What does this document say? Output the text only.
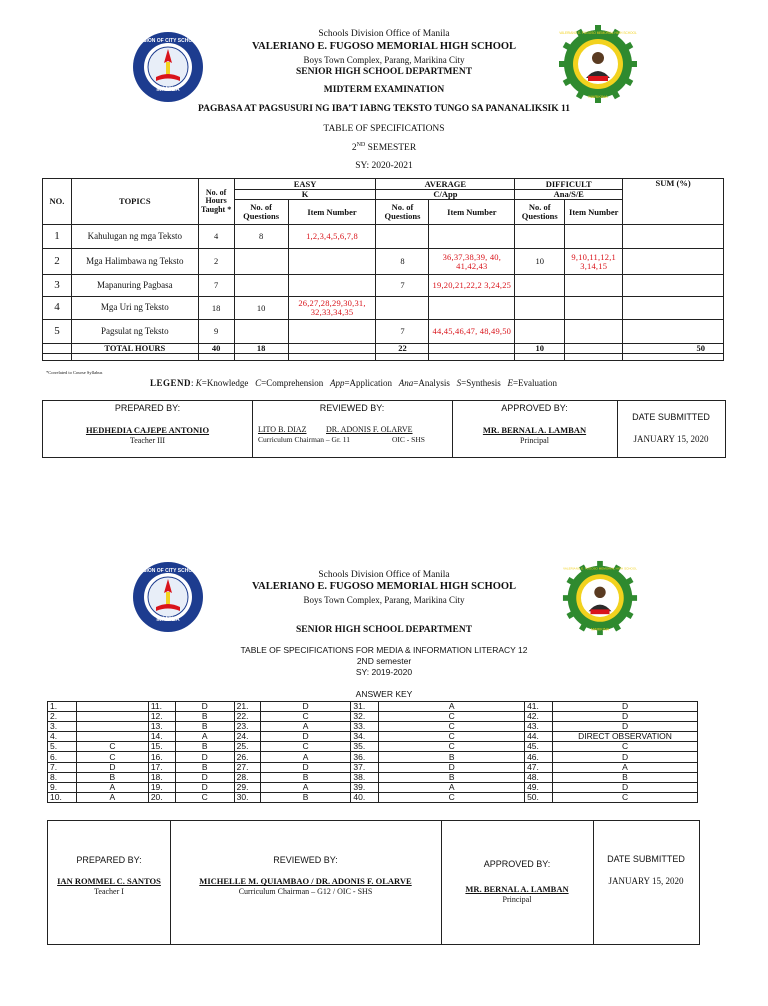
MANILA
DIVISION OF CITY SCHOOLS
VALERIANO E. FUGOSO MEMORIAL HIGH SCHOOL
MARIKINA
Schools Division Office of Manila
VALERIANO E. FUGOSO MEMORIAL HIGH SCHOOL
Boys Town Complex, Parang, Marikina City
SENIOR HIGH SCHOOL DEPARTMENT
MIDTERM EXAMINATION
PAGBASA AT PAGSUSURI NG IBA’T IABNG TEKSTO TUNGO SA PANANALIKSIK 11
TABLE OF SPECIFICATIONS
2ND SEMESTER
SY: 2020-2021
NO.	TOPICS	No. of Hours Taught *	EASY		AVERAGE		DIFFICULT		SUM (%)
			K		C/App		Ana/S/E		
			No. of Questions	Item Number	No. of Questions	Item Number	No. of Questions	Item Number	
1	Kahulugan ng mga Teksto	4	8	1,2,3,4,5,6,7,8					
2	Mga Halimbawa ng Teksto	2			8	36,37,38,39, 40, 41,42,43	10	9,10,11,12,1 3,14,15	
3	Mapanuring Pagbasa	7			7	19,20,21,22,2 3,24,25			
4	Mga Uri ng Teksto	18	10	26,27,28,29,30,31, 32,33,34,35					
5	Pagsulat ng Teksto	9			7	44,45,46,47, 48,49,50			
	TOTAL HOURS	40	18		22		10		50

*Correlated to Course Syllabus
LEGEND: K=Knowledge C=Comprehension App=Application Ana=Analysis S=Synthesis E=Evaluation
PREPARED BY:
HEDHEDIA CAJEPE ANTONIO
Teacher III
REVIEWED BY:
LITO B. DIAZ DR. ADONIS F. OLARVE
Curriculum Chairman – Gr. 11	OIC - SHS
APPROVED BY:
MR. BERNAL A. LAMBAN
Principal
DATE SUBMITTED
JANUARY 15, 2020
MANILA
DIVISION OF CITY SCHOOLS	VALERIANO E. FUGOSO MEMORIAL HIGH SCHOOL
MARIKINA
Schools Division Office of Manila
VALERIANO E. FUGOSO MEMORIAL HIGH SCHOOL
Boys Town Complex, Parang, Marikina City
SENIOR HIGH SCHOOL DEPARTMENT
TABLE OF SPECIFICATIONS FOR MEDIA & INFORMATION LITERACY 12
2ND semester
SY: 2019-2020
ANSWER KEY
1.		11.	D	21.	D	31.	A	41.	D
2.		12.	B	22.	C	32.	C	42.	D
3.		13.	B	23.	A	33.	C	43.	D
4.		14.	A	24.	D	34.	C	44.	DIRECT OBSERVATION
5.	C	15.	B	25.	C	35.	C	45.	C
6.	C	16.	D	26.	A	36.	B	46.	D
7.	D	17.	B	27.	D	37.	D	47.	A
8.	B	18.	D	28.	B	38.	B	48.	B
9.	A	19.	D	29.	A	39.	A	49.	D
10.	A	20.	C	30.	B	40.	C	50.	C
PREPARED BY:
IAN ROMMEL C. SANTOS
Teacher I
REVIEWED BY:
MICHELLE M. QUIAMBAO / DR. ADONIS F. OLARVE
Curriculum Chairman – G12 / OIC - SHS
APPROVED BY:
MR. BERNAL A. LAMBAN
Principal
DATE SUBMITTED
JANUARY 15, 2020
